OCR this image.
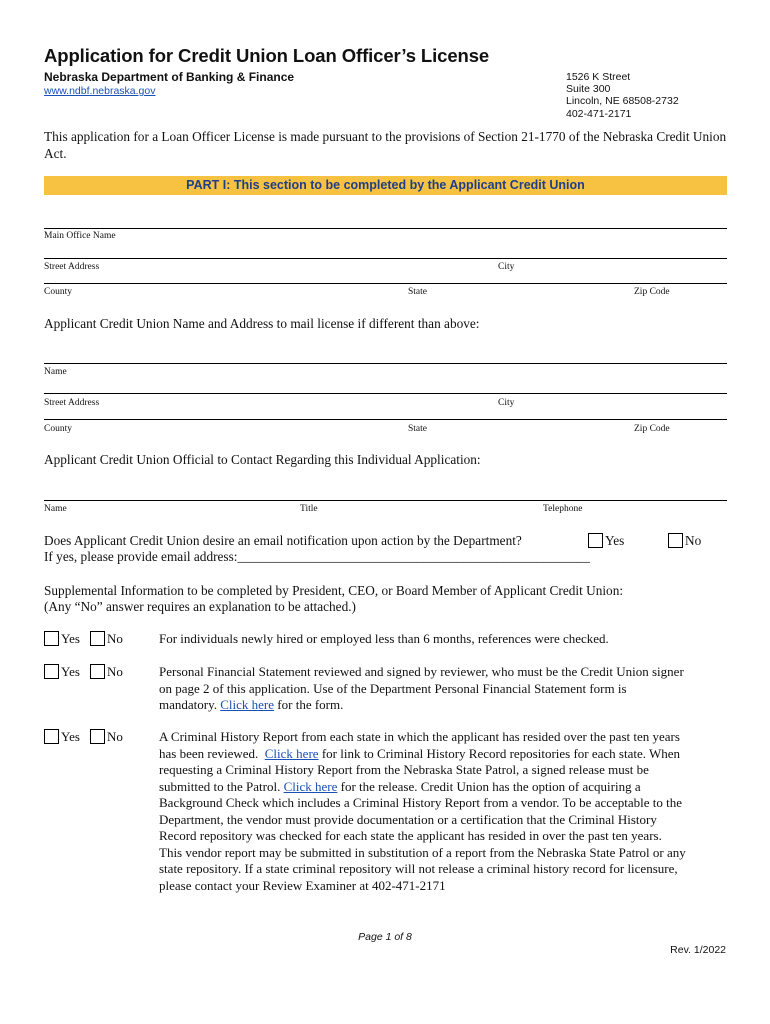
Application for Credit Union Loan Officer’s License
Nebraska Department of Banking & Finance
www.ndbf.nebraska.gov
1526 K Street
Suite 300
Lincoln, NE 68508-2732
402-471-2171
This application for a Loan Officer License is made pursuant to the provisions of Section 21-1770 of the Nebraska Credit Union Act.
PART I: This section to be completed by the Applicant Credit Union
Main Office Name
Street Address	City
County	State	Zip Code
Applicant Credit Union Name and Address to mail license if different than above:
Name
Street Address	City
County	State	Zip Code
Applicant Credit Union Official to Contact Regarding this Individual Application:
Name	Title	Telephone
Does Applicant Credit Union desire an email notification upon action by the Department?	Yes	No
If yes, please provide email address:_____________________________________________________
Supplemental Information to be completed by President, CEO, or Board Member of Applicant Credit Union:
(Any “No” answer requires an explanation to be attached.)
Yes	No	For individuals newly hired or employed less than 6 months, references were checked.
Yes	No	Personal Financial Statement reviewed and signed by reviewer, who must be the Credit Union signer
on page 2 of this application. Use of the Department Personal Financial Statement form is
mandatory. Click here for the form.
Yes	No	A Criminal History Report from each state in which the applicant has resided over the past ten years
has been reviewed.  Click here for link to Criminal History Record repositories for each state. When
requesting a Criminal History Report from the Nebraska State Patrol, a signed release must be
submitted to the Patrol. Click here for the release. Credit Union has the option of acquiring a
Background Check which includes a Criminal History Report from a vendor. To be acceptable to the
Department, the vendor must provide documentation or a certification that the Criminal History
Record repository was checked for each state the applicant has resided in over the past ten years.
This vendor report may be submitted in substitution of a report from the Nebraska State Patrol or any
state repository. If a state criminal repository will not release a criminal history record for licensure,
please contact your Review Examiner at 402-471-2171
Page 1 of 8
Rev. 1/2022
